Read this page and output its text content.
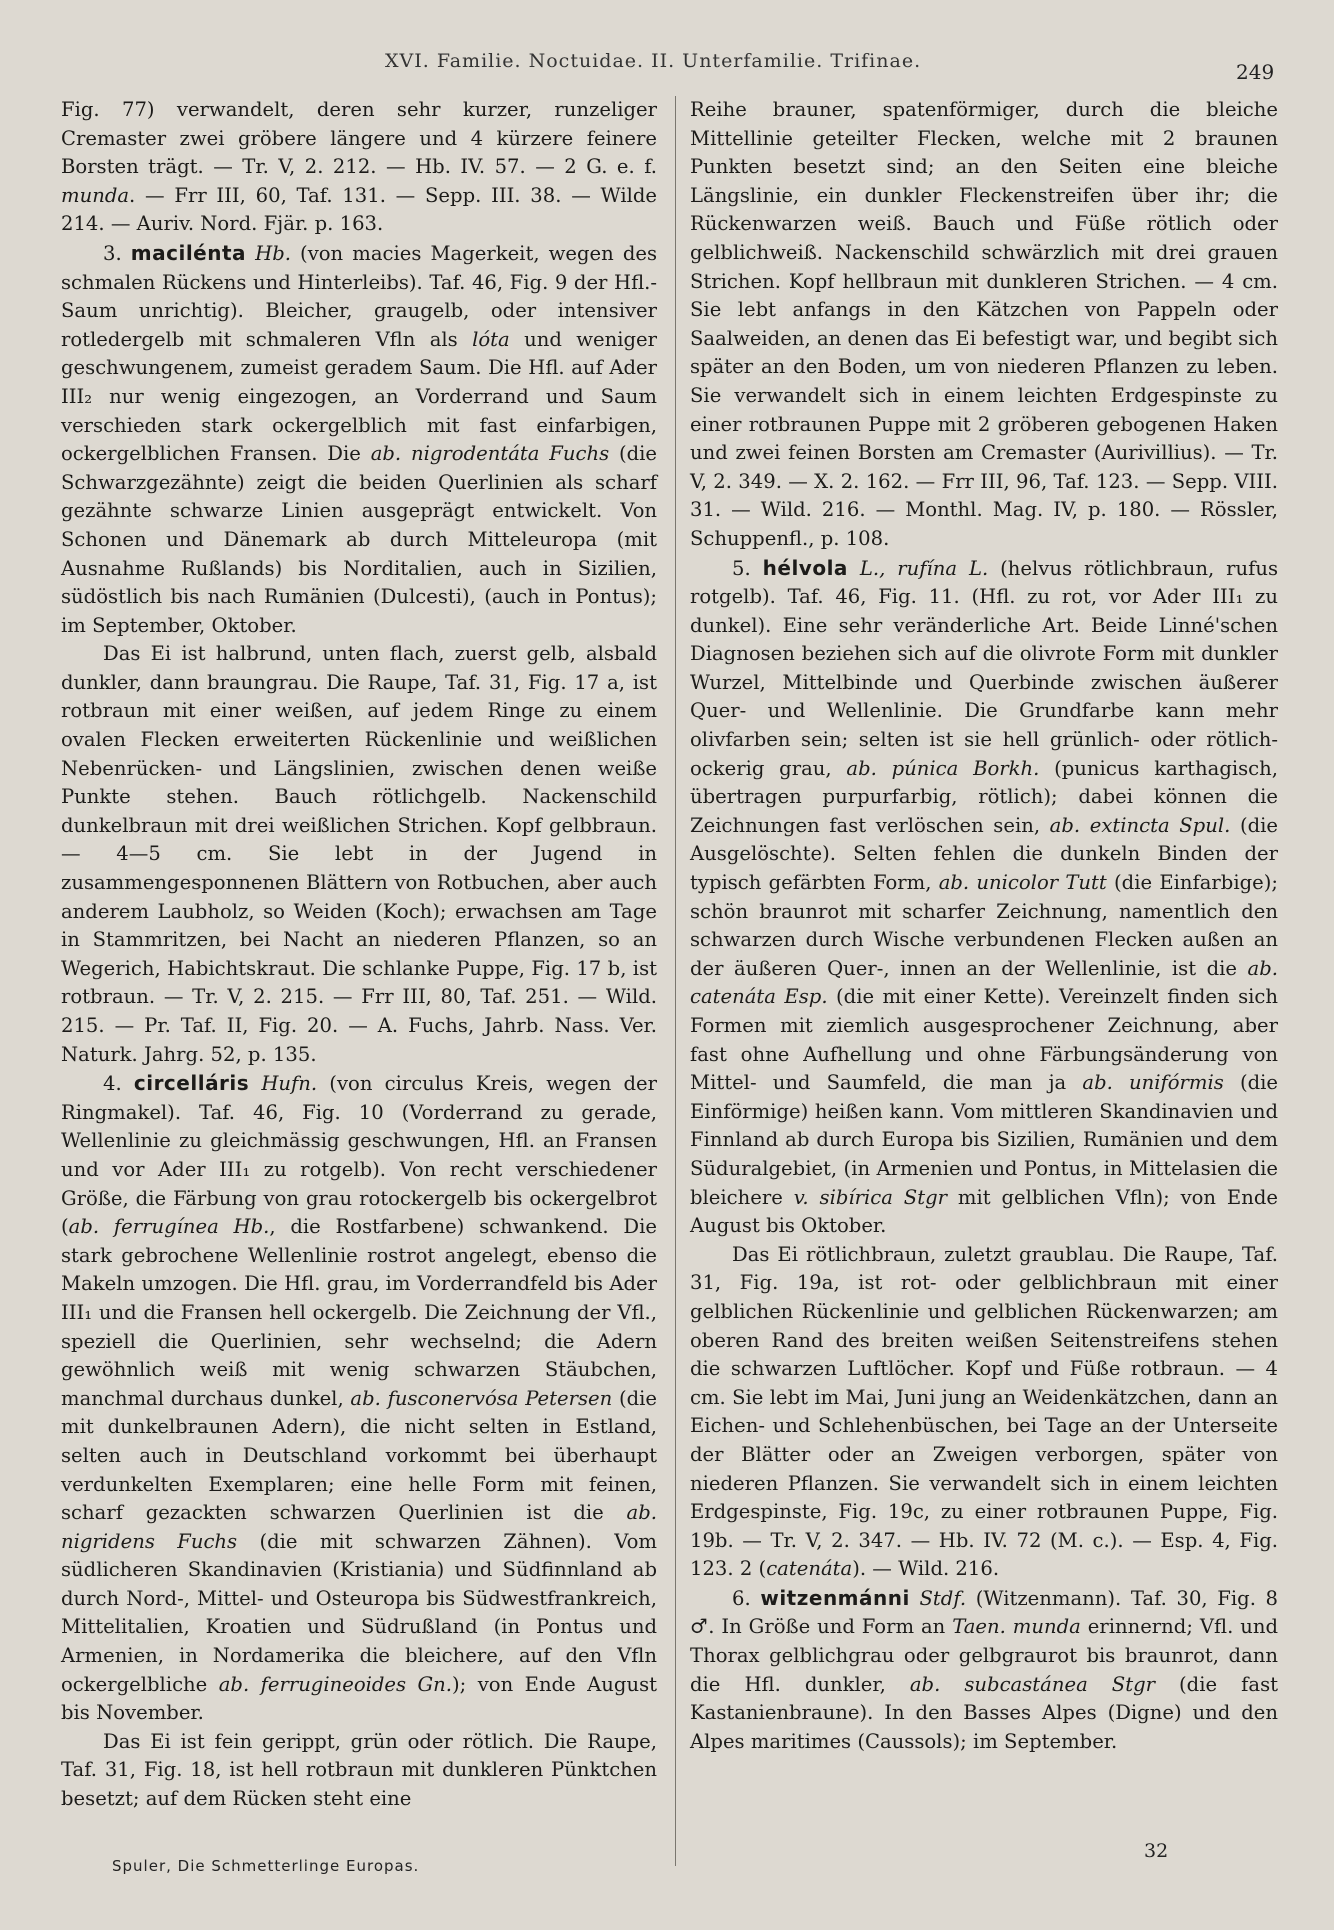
XVI. Familie. Noctuidae. II. Unterfamilie. Trifinae.	249

Fig. 77) verwandelt, deren sehr kurzer, runzeliger Cremaster zwei gröbere längere und 4 kürzere feinere Borsten trägt. — Tr. V, 2. 212. — Hb. IV. 57. — 2 G. e. f. munda. — Frr III, 60, Taf. 131. — Sepp. III. 38. — Wilde 214. — Auriv. Nord. Fjär. p. 163.

3. macilénta Hb. (von macies Magerkeit, wegen des schmalen Rückens und Hinterleibs). Taf. 46, Fig. 9 der Hfl.-Saum unrichtig). Bleicher, graugelb, oder intensiver rotledergelb mit schmaleren Vfln als lóta und weniger geschwungenem, zumeist geradem Saum. Die Hfl. auf Ader III₂ nur wenig eingezogen, an Vorderrand und Saum verschieden stark ockergelblich mit fast einfarbigen, ockergelblichen Fransen. Die ab. nigrodentáta Fuchs (die Schwarzgezähnte) zeigt die beiden Querlinien als scharf gezähnte schwarze Linien ausgeprägt entwickelt. Von Schonen und Dänemark ab durch Mitteleuropa (mit Ausnahme Rußlands) bis Norditalien, auch in Sizilien, südöstlich bis nach Rumänien (Dulcesti), (auch in Pontus); im September, Oktober.

Das Ei ist halbrund, unten flach, zuerst gelb, alsbald dunkler, dann braungrau. Die Raupe, Taf. 31, Fig. 17 a, ist rotbraun mit einer weißen, auf jedem Ringe zu einem ovalen Flecken erweiterten Rückenlinie und weißlichen Nebenrücken- und Längslinien, zwischen denen weiße Punkte stehen. Bauch rötlichgelb. Nackenschild dunkelbraun mit drei weißlichen Strichen. Kopf gelbbraun. — 4—5 cm. Sie lebt in der Jugend in zusammengesponnenen Blättern von Rotbuchen, aber auch anderem Laubholz, so Weiden (Koch); erwachsen am Tage in Stammritzen, bei Nacht an niederen Pflanzen, so an Wegerich, Habichtskraut. Die schlanke Puppe, Fig. 17 b, ist rotbraun. — Tr. V, 2. 215. — Frr III, 80, Taf. 251. — Wild. 215. — Pr. Taf. II, Fig. 20. — A. Fuchs, Jahrb. Nass. Ver. Naturk. Jahrg. 52, p. 135.

4. circelláris Hufn. (von circulus Kreis, wegen der Ringmakel). Taf. 46, Fig. 10 (Vorderrand zu gerade, Wellenlinie zu gleichmässig geschwungen, Hfl. an Fransen und vor Ader III₁ zu rotgelb). Von recht verschiedener Größe, die Färbung von grau rotockergelb bis ockergelbrot (ab. ferrugínea Hb., die Rostfarbene) schwankend. Die stark gebrochene Wellenlinie rostrot angelegt, ebenso die Makeln umzogen. Die Hfl. grau, im Vorderrandfeld bis Ader III₁ und die Fransen hell ockergelb. Die Zeichnung der Vfl., speziell die Querlinien, sehr wechselnd; die Adern gewöhnlich weiß mit wenig schwarzen Stäubchen, manchmal durchaus dunkel, ab. fusconervósa Petersen (die mit dunkelbraunen Adern), die nicht selten in Estland, selten auch in Deutschland vorkommt bei überhaupt verdunkelten Exemplaren; eine helle Form mit feinen, scharf gezackten schwarzen Querlinien ist die ab. nigridens Fuchs (die mit schwarzen Zähnen). Vom südlicheren Skandinavien (Kristiania) und Südfinnland ab durch Nord-, Mittel- und Osteuropa bis Südwestfrankreich, Mittelitalien, Kroatien und Südrußland (in Pontus und Armenien, in Nordamerika die bleichere, auf den Vfln ockergelbliche ab. ferrugineoides Gn.); von Ende August bis November.

Das Ei ist fein gerippt, grün oder rötlich. Die Raupe, Taf. 31, Fig. 18, ist hell rotbraun mit dunkleren Pünktchen besetzt; auf dem Rücken steht eine

Reihe brauner, spatenförmiger, durch die bleiche Mittellinie geteilter Flecken, welche mit 2 braunen Punkten besetzt sind; an den Seiten eine bleiche Längslinie, ein dunkler Fleckenstreifen über ihr; die Rückenwarzen weiß. Bauch und Füße rötlich oder gelblichweiß. Nackenschild schwärzlich mit drei grauen Strichen. Kopf hellbraun mit dunkleren Strichen. — 4 cm. Sie lebt anfangs in den Kätzchen von Pappeln oder Saalweiden, an denen das Ei befestigt war, und begibt sich später an den Boden, um von niederen Pflanzen zu leben. Sie verwandelt sich in einem leichten Erdgespinste zu einer rotbraunen Puppe mit 2 gröberen gebogenen Haken und zwei feinen Borsten am Cremaster (Aurivillius). — Tr. V, 2. 349. — X. 2. 162. — Frr III, 96, Taf. 123. — Sepp. VIII. 31. — Wild. 216. — Monthl. Mag. IV, p. 180. — Rössler, Schuppenfl., p. 108.

5. hélvola L., rufína L. (helvus rötlichbraun, rufus rotgelb). Taf. 46, Fig. 11. (Hfl. zu rot, vor Ader III₁ zu dunkel). Eine sehr veränderliche Art. Beide Linné'schen Diagnosen beziehen sich auf die olivrote Form mit dunkler Wurzel, Mittelbinde und Querbinde zwischen äußerer Quer- und Wellenlinie. Die Grundfarbe kann mehr olivfarben sein; selten ist sie hell grünlich- oder rötlich-ockerig grau, ab. púnica Borkh. (punicus karthagisch, übertragen purpurfarbig, rötlich); dabei können die Zeichnungen fast verlöschen sein, ab. extincta Spul. (die Ausgelöschte). Selten fehlen die dunkeln Binden der typisch gefärbten Form, ab. unicolor Tutt (die Einfarbige); schön braunrot mit scharfer Zeichnung, namentlich den schwarzen durch Wische verbundenen Flecken außen an der äußeren Quer-, innen an der Wellenlinie, ist die ab. catenáta Esp. (die mit einer Kette). Vereinzelt finden sich Formen mit ziemlich ausgesprochener Zeichnung, aber fast ohne Aufhellung und ohne Färbungsänderung von Mittel- und Saumfeld, die man ja ab. unifórmis (die Einförmige) heißen kann. Vom mittleren Skandinavien und Finnland ab durch Europa bis Sizilien, Rumänien und dem Süduralgebiet, (in Armenien und Pontus, in Mittelasien die bleichere v. sibírica Stgr mit gelblichen Vfln); von Ende August bis Oktober.

Das Ei rötlichbraun, zuletzt graublau. Die Raupe, Taf. 31, Fig. 19a, ist rot- oder gelblichbraun mit einer gelblichen Rückenlinie und gelblichen Rückenwarzen; am oberen Rand des breiten weißen Seitenstreifens stehen die schwarzen Luftlöcher. Kopf und Füße rotbraun. — 4 cm. Sie lebt im Mai, Juni jung an Weidenkätzchen, dann an Eichen- und Schlehenbüschen, bei Tage an der Unterseite der Blätter oder an Zweigen verborgen, später von niederen Pflanzen. Sie verwandelt sich in einem leichten Erdgespinste, Fig. 19c, zu einer rotbraunen Puppe, Fig. 19b. — Tr. V, 2. 347. — Hb. IV. 72 (M. c.). — Esp. 4, Fig. 123. 2 (catenáta). — Wild. 216.

6. witzenmánni Stdf. (Witzenmann). Taf. 30, Fig. 8 ♂. In Größe und Form an Taen. munda erinnernd; Vfl. und Thorax gelblichgrau oder gelbgraurot bis braunrot, dann die Hfl. dunkler, ab. subcastánea Stgr (die fast Kastanienbraune). In den Basses Alpes (Digne) und den Alpes maritimes (Caussols); im September.

Spuler, Die Schmetterlinge Europas.
32
